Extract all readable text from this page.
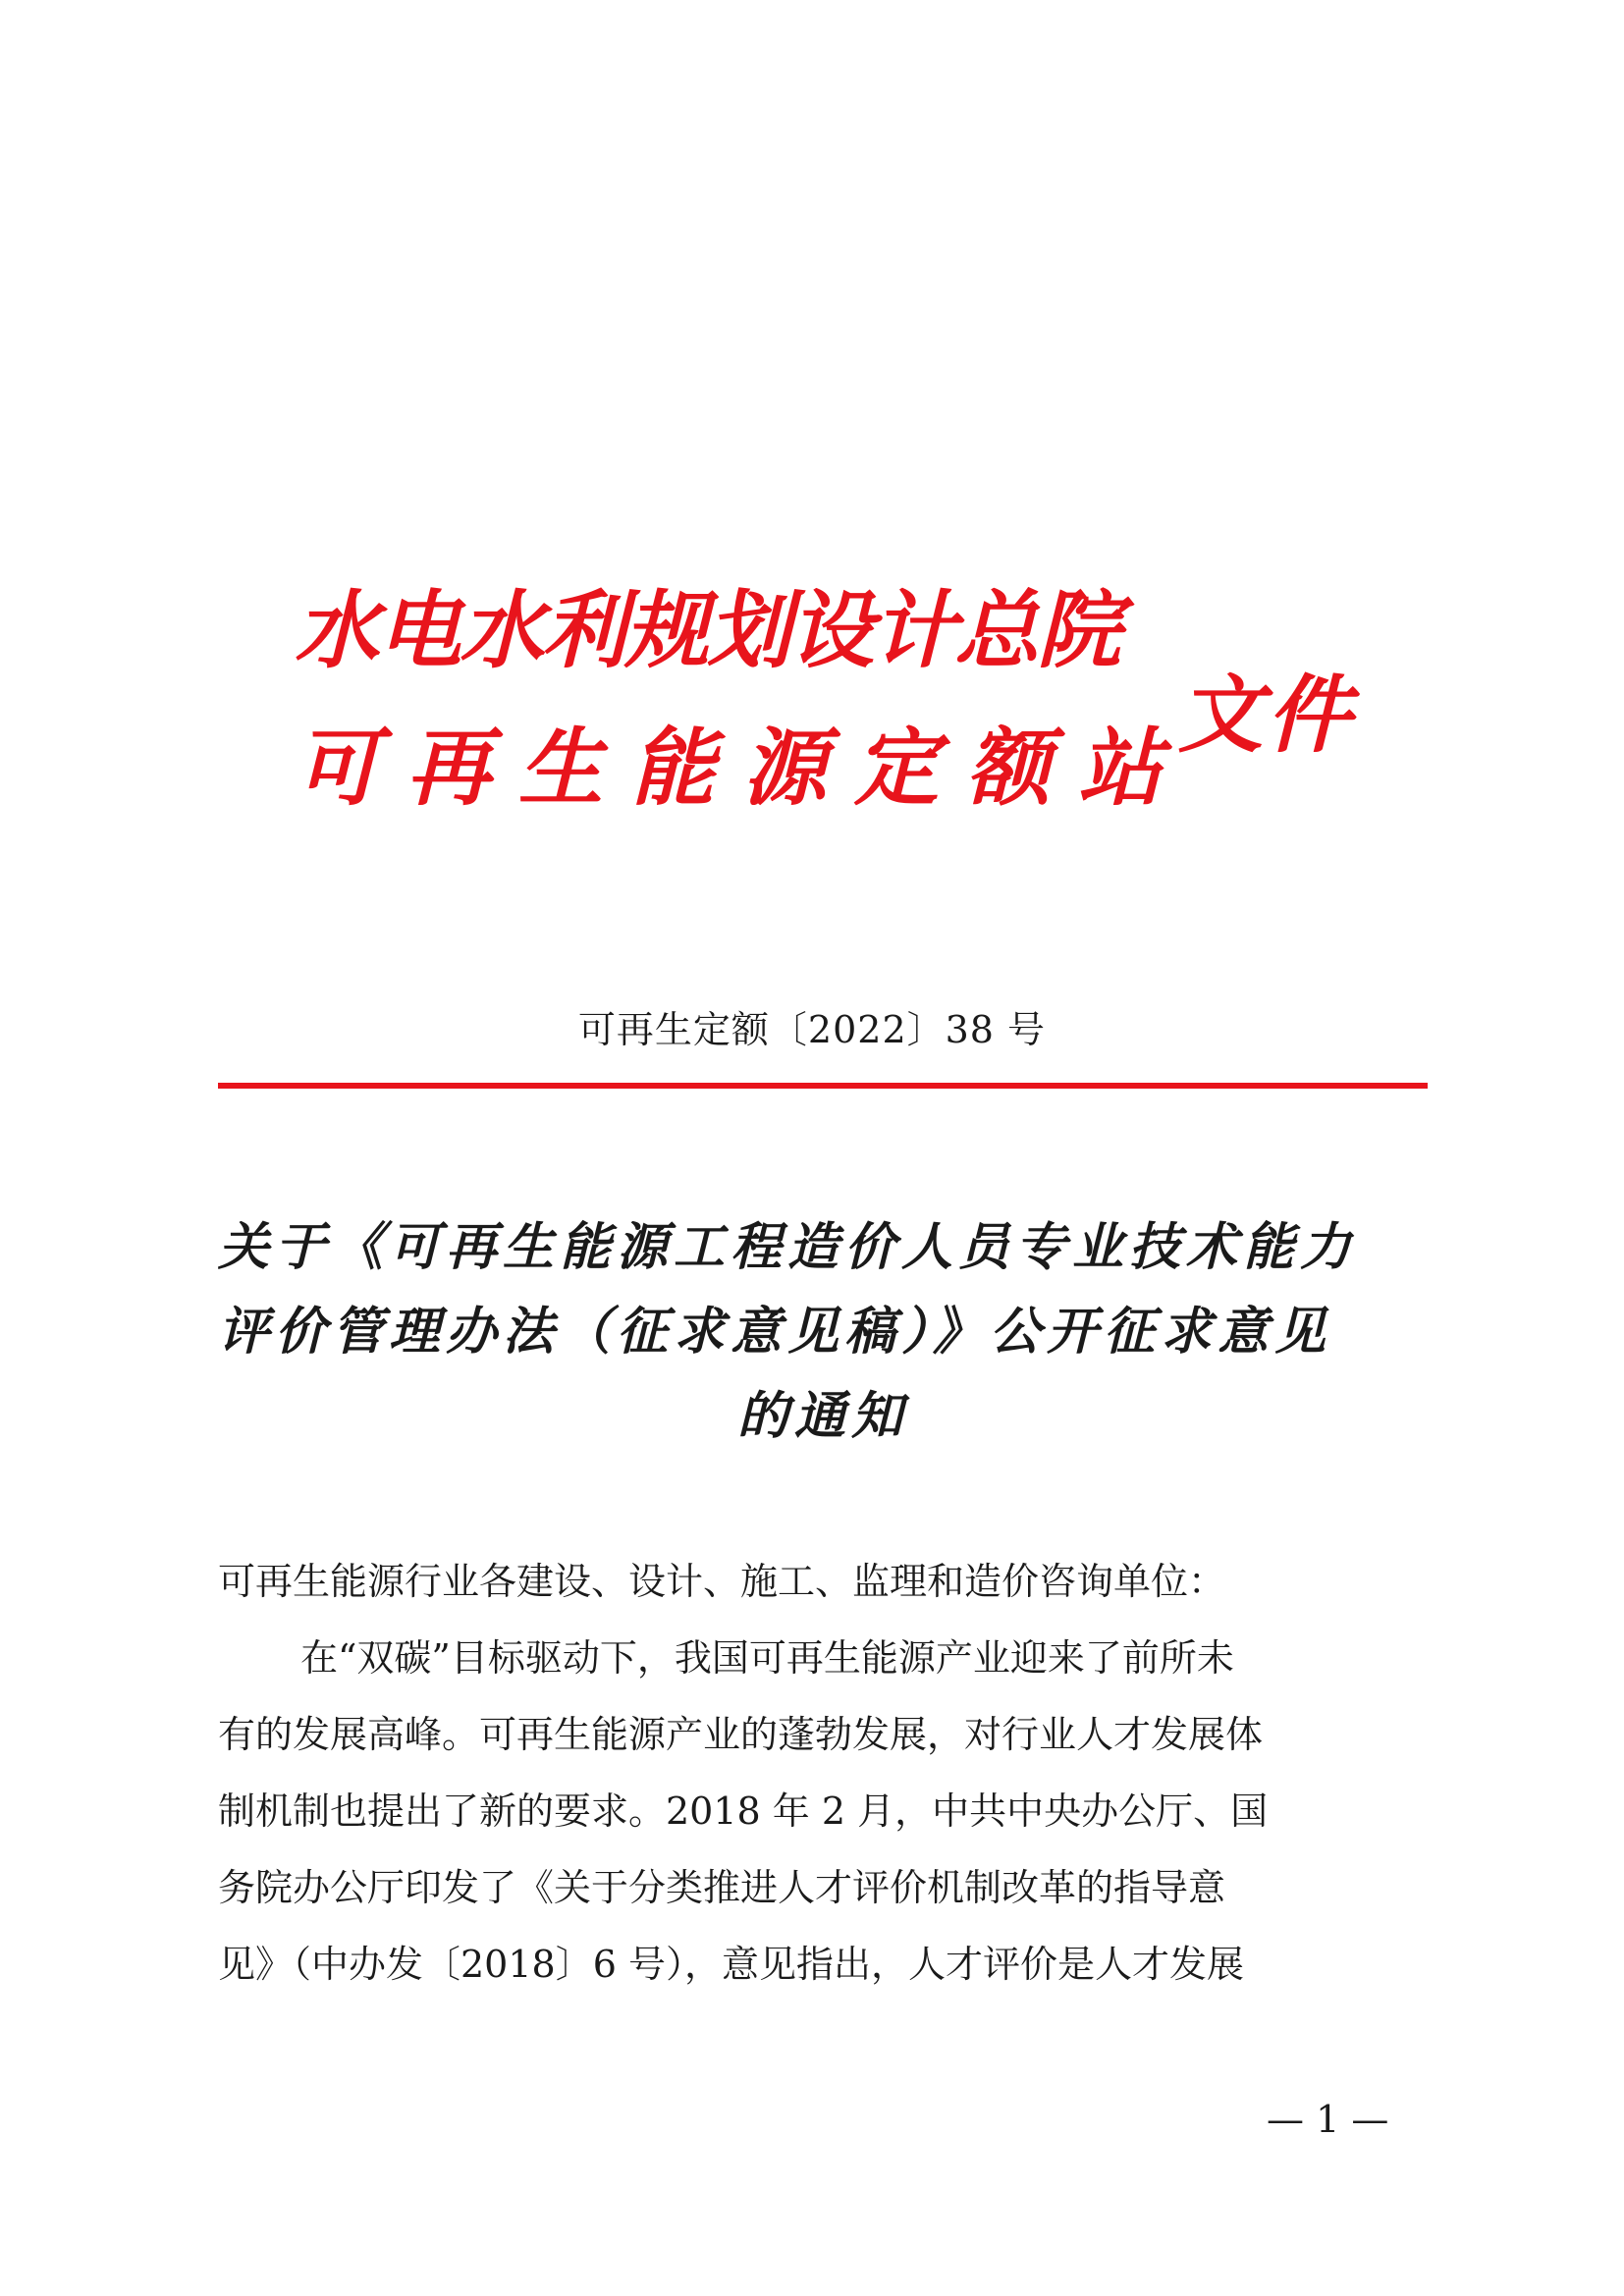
水电水利规划设计总院
可再生能源定额站
文件
可再生定额〔2022〕38 号
关于《可再生能源工程造价人员专业技术能力
评价管理办法（征求意见稿）》公开征求意见
的通知
可再生能源行业各建设、设计、施工、监理和造价咨询单位：
在“双碳”目标驱动下，我国可再生能源产业迎来了前所未
有的发展高峰。可再生能源产业的蓬勃发展，对行业人才发展体
制机制也提出了新的要求。2018 年 2 月，中共中央办公厅、国
务院办公厅印发了《关于分类推进人才评价机制改革的指导意
见》（中办发〔2018〕6 号），意见指出，人才评价是人才发展
— 1 —
